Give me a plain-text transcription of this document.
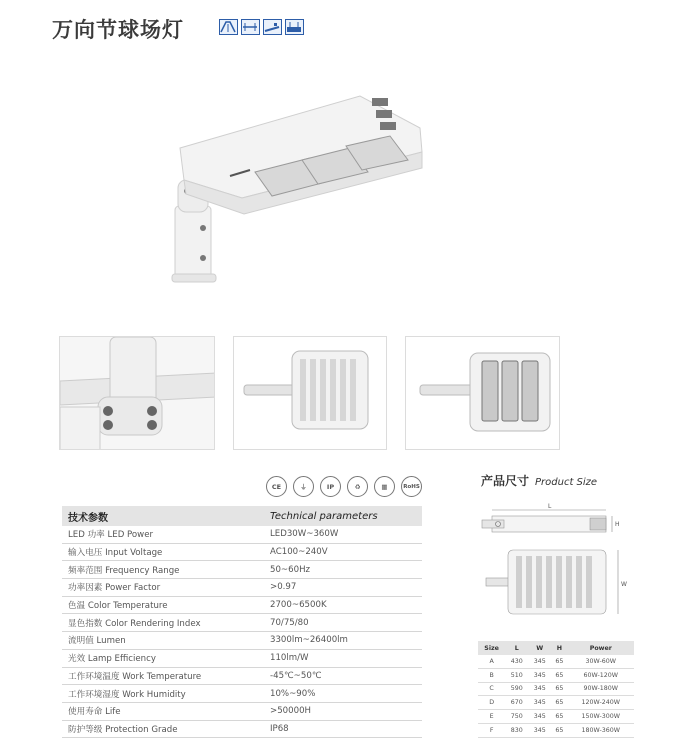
万向节球场灯
CE	⏚	IP	♻	▦	RoHS
技术参数	Technical parameters
LED 功率 LED Power	LED30W~360W
输入电压 Input Voltage	AC100~240V
频率范围 Frequency Range	50~60Hz
功率因素 Power Factor	>0.97
色温 Color Temperature	2700~6500K
显色指数 Color Rendering Index	70/75/80
流明值 Lumen	3300lm~26400lm
光效 Lamp Efficiency	110lm/W
工作环境温度 Work Temperature	-45℃~50℃
工作环境湿度 Work Humidity	10%~90%
使用寿命 Life	>50000H
防护等级 Protection Grade	IP68
产品尺寸 Product Size
L
H
W
Size	L	W	H	Power
A	430	345	65	30W-60W
B	510	345	65	60W-120W
C	590	345	65	90W-180W
D	670	345	65	120W-240W
E	750	345	65	150W-300W
F	830	345	65	180W-360W
